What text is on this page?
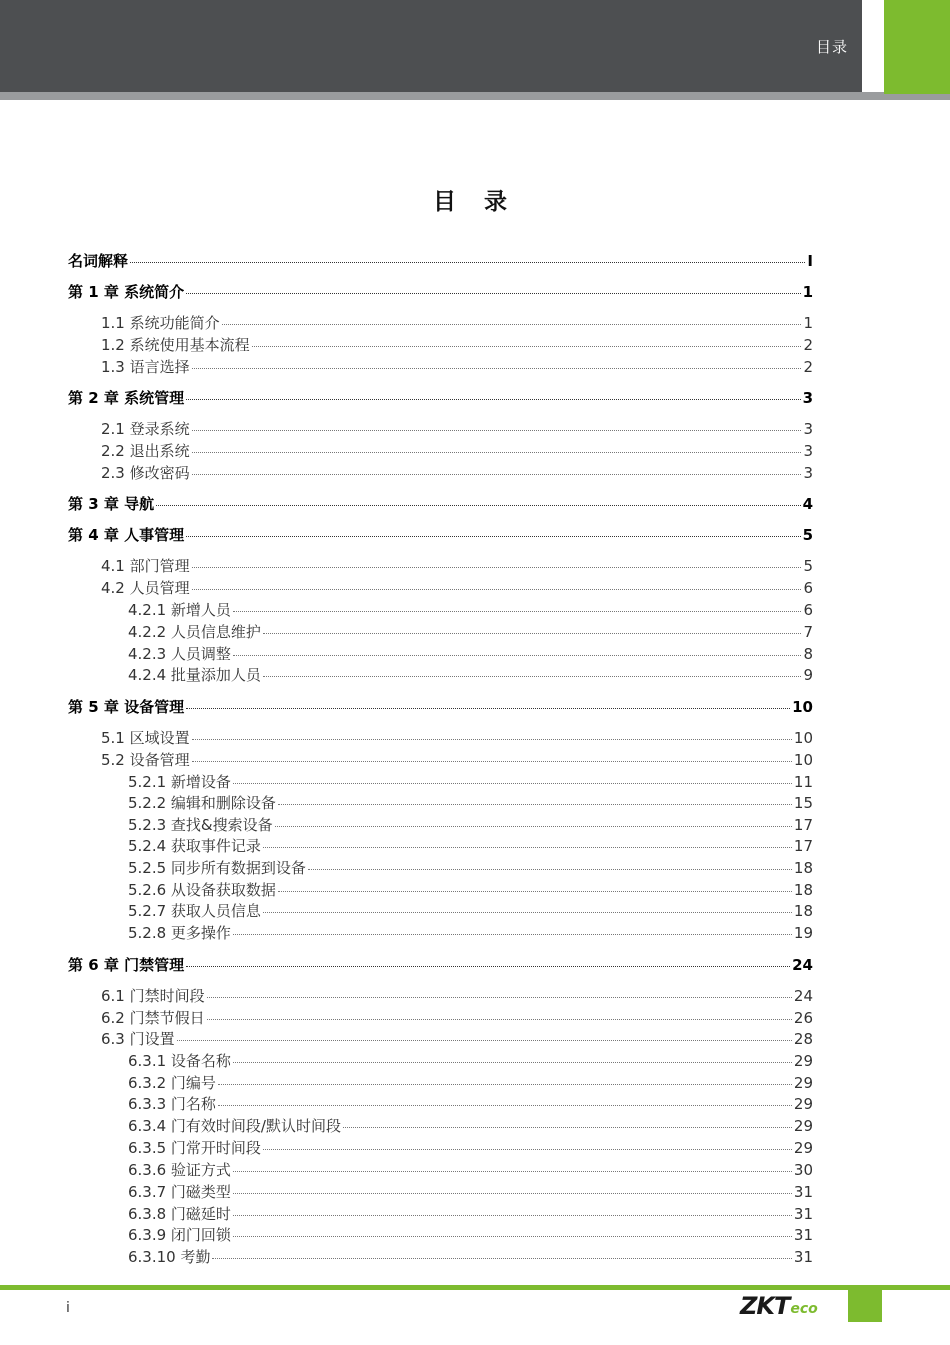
目录
目 录
名词解释	I
第 1 章 系统简介	1
1.1 系统功能简介	1
1.2 系统使用基本流程	2
1.3 语言选择	2
第 2 章 系统管理	3
2.1 登录系统	3
2.2 退出系统	3
2.3 修改密码	3
第 3 章 导航	4
第 4 章 人事管理	5
4.1 部门管理	5
4.2 人员管理	6
4.2.1 新增人员	6
4.2.2 人员信息维护	7
4.2.3 人员调整	8
4.2.4 批量添加人员	9
第 5 章 设备管理	10
5.1 区域设置	10
5.2 设备管理	10
5.2.1 新增设备	11
5.2.2 编辑和删除设备	15
5.2.3 查找&搜索设备	17
5.2.4 获取事件记录	17
5.2.5 同步所有数据到设备	18
5.2.6 从设备获取数据	18
5.2.7 获取人员信息	18
5.2.8 更多操作	19
第 6 章 门禁管理	24
6.1 门禁时间段	24
6.2 门禁节假日	26
6.3 门设置	28
6.3.1 设备名称	29
6.3.2 门编号	29
6.3.3 门名称	29
6.3.4 门有效时间段/默认时间段	29
6.3.5 门常开时间段	29
6.3.6 验证方式	30
6.3.7 门磁类型	31
6.3.8 门磁延时	31
6.3.9 闭门回锁	31
6.3.10 考勤	31
i	ZKT eco
